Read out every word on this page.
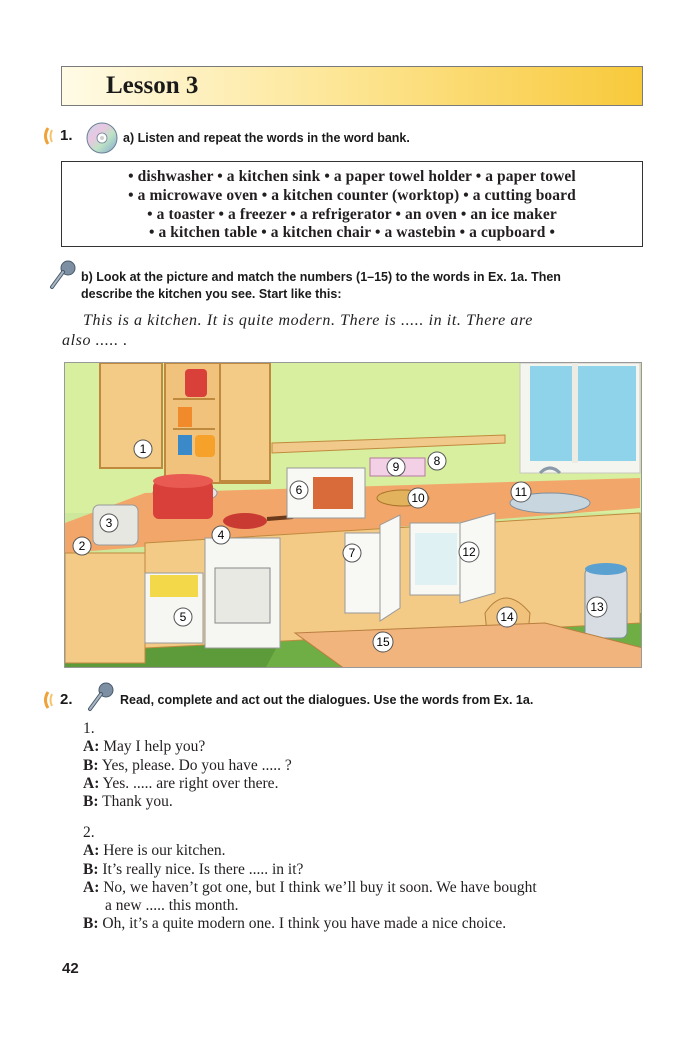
Lesson 3
1.	a) Listen and repeat the words in the word bank.
• dishwasher • a kitchen sink • a paper towel holder • a paper towel
• a microwave oven • a kitchen counter (worktop) • a cutting board
• a toaster • a freezer • a refrigerator • an oven • an ice maker
• a kitchen table • a kitchen chair • a wastebin • a cupboard •
b) Look at the picture and match the numbers (1–15) to the words in Ex. 1a. Then
describe the kitchen you see. Start like this:
This is a kitchen. It is quite modern. There is ..... in it. There are
also ..... .
1
2
3
4
5
6
7
8
9
10	11
12
13
14
15
2.	Read, complete and act out the dialogues. Use the words from Ex. 1a.
1.
A: May I help you?
B: Yes, please. Do you have ..... ?
A: Yes. ..... are right over there.
B: Thank you.
2.
A: Here is our kitchen.
B: It’s really nice. Is there ..... in it?
A: No, we haven’t got one, but I think we’ll buy it soon. We have bought
a new ..... this month.
B: Oh, it’s a quite modern one. I think you have made a nice choice.
42
